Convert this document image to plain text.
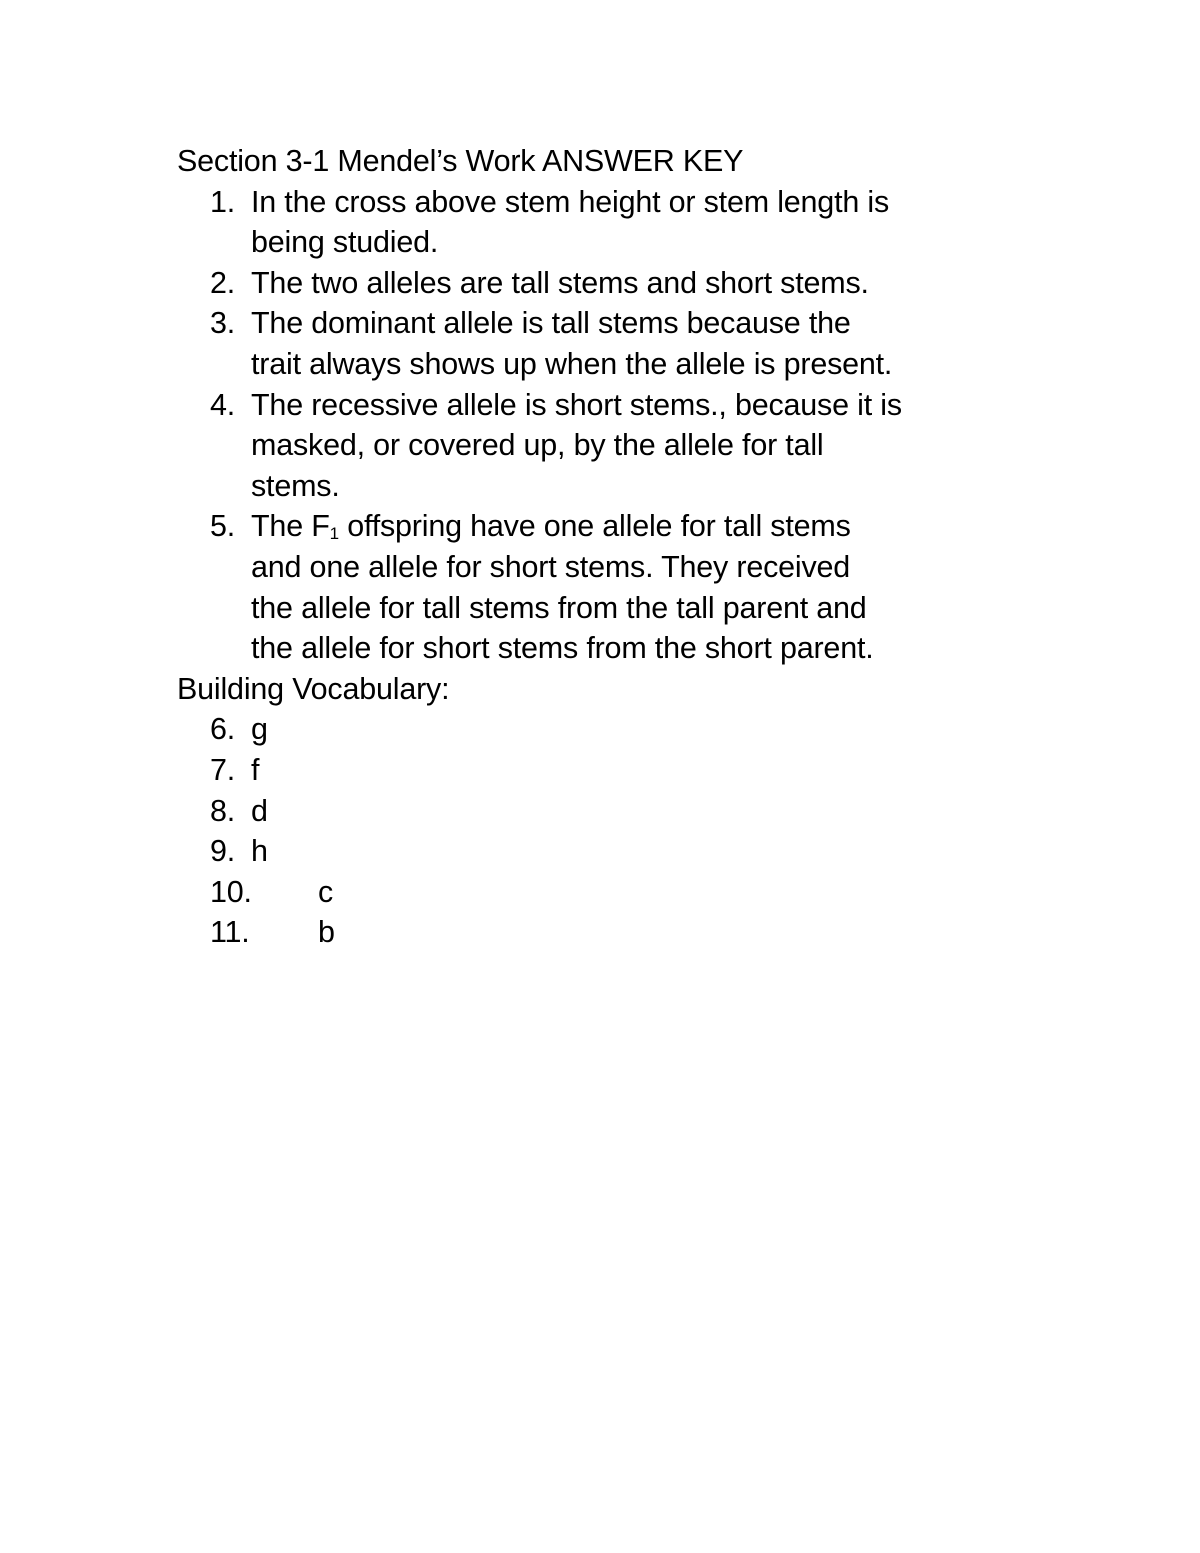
Section 3-1 Mendel’s Work ANSWER KEY
1. In the cross above stem height or stem length is
being studied.
2. The two alleles are tall stems and short stems.
3. The dominant allele is tall stems because the
trait always shows up when the allele is present.
4. The recessive allele is short stems., because it is
masked, or covered up, by the allele for tall
stems.
5. The $F_1$ offspring have one allele for tall stems
and one allele for short stems. They received
the allele for tall stems from the tall parent and
the allele for short stems from the short parent.
Building Vocabulary:
6. g
7. f
8. d
9. h
10. c
11. b
